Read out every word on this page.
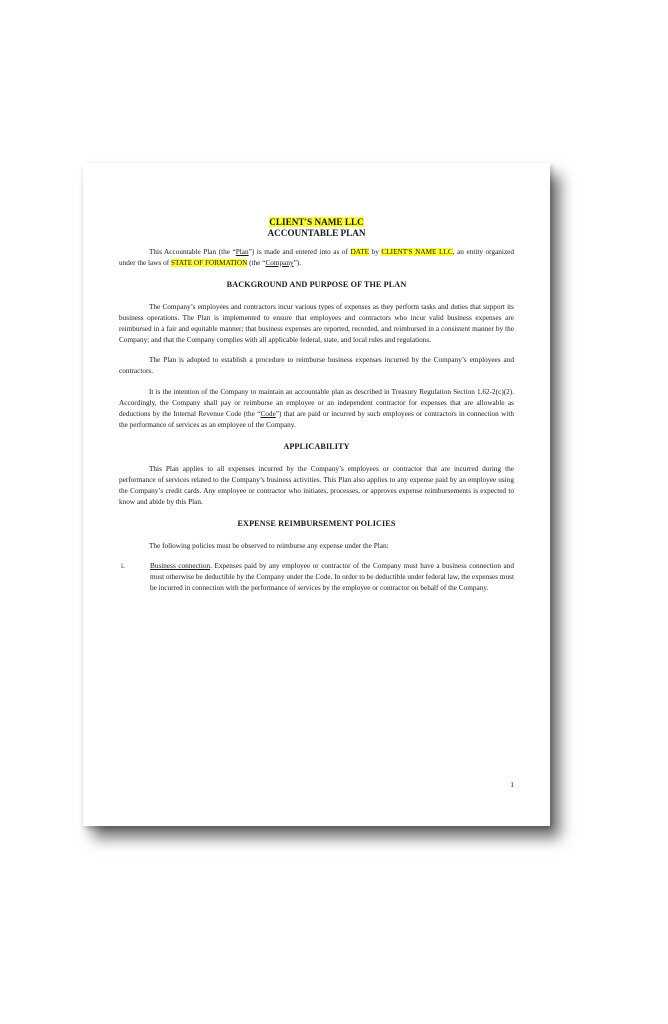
CLIENT'S NAME LLC
ACCOUNTABLE PLAN

This Accountable Plan (the “Plan”) is made and entered into as of DATE by CLIENT'S NAME LLC, an entity organized under the laws of STATE OF FORMATION (the “Company”).

BACKGROUND AND PURPOSE OF THE PLAN

The Company’s employees and contractors incur various types of expenses as they perform tasks and duties that support its business operations. The Plan is implemented to ensure that employees and contractors who incur valid business expenses are reimbursed in a fair and equitable manner; that business expenses are reported, recorded, and reimbursed in a consistent manner by the Company; and that the Company complies with all applicable federal, state, and local rules and regulations.

The Plan is adopted to establish a procedure to reimburse business expenses incurred by the Company’s employees and contractors.

It is the intention of the Company to maintain an accountable plan as described in Treasury Regulation Section 1.62-2(c)(2). Accordingly, the Company shall pay or reimburse an employee or an independent contractor for expenses that are allowable as deductions by the Internal Revenue Code (the “Code”) that are paid or incurred by such employees or contractors in connection with the performance of services as an employee of the Company.

APPLICABILITY

This Plan applies to all expenses incurred by the Company’s employees or contractor that are incurred during the performance of services related to the Company’s business activities. This Plan also applies to any expense paid by an employee using the Company’s credit cards. Any employee or contractor who initiates, processes, or approves expense reimbursements is expected to know and abide by this Plan.

EXPENSE REIMBURSEMENT POLICIES

The following policies must be observed to reimburse any expense under the Plan:

i.	Business connection. Expenses paid by any employee or contractor of the Company must have a business connection and must otherwise be deductible by the Company under the Code. In order to be deductible under federal law, the expenses must be incurred in connection with the performance of services by the employee or contractor on behalf of the Company.
1
